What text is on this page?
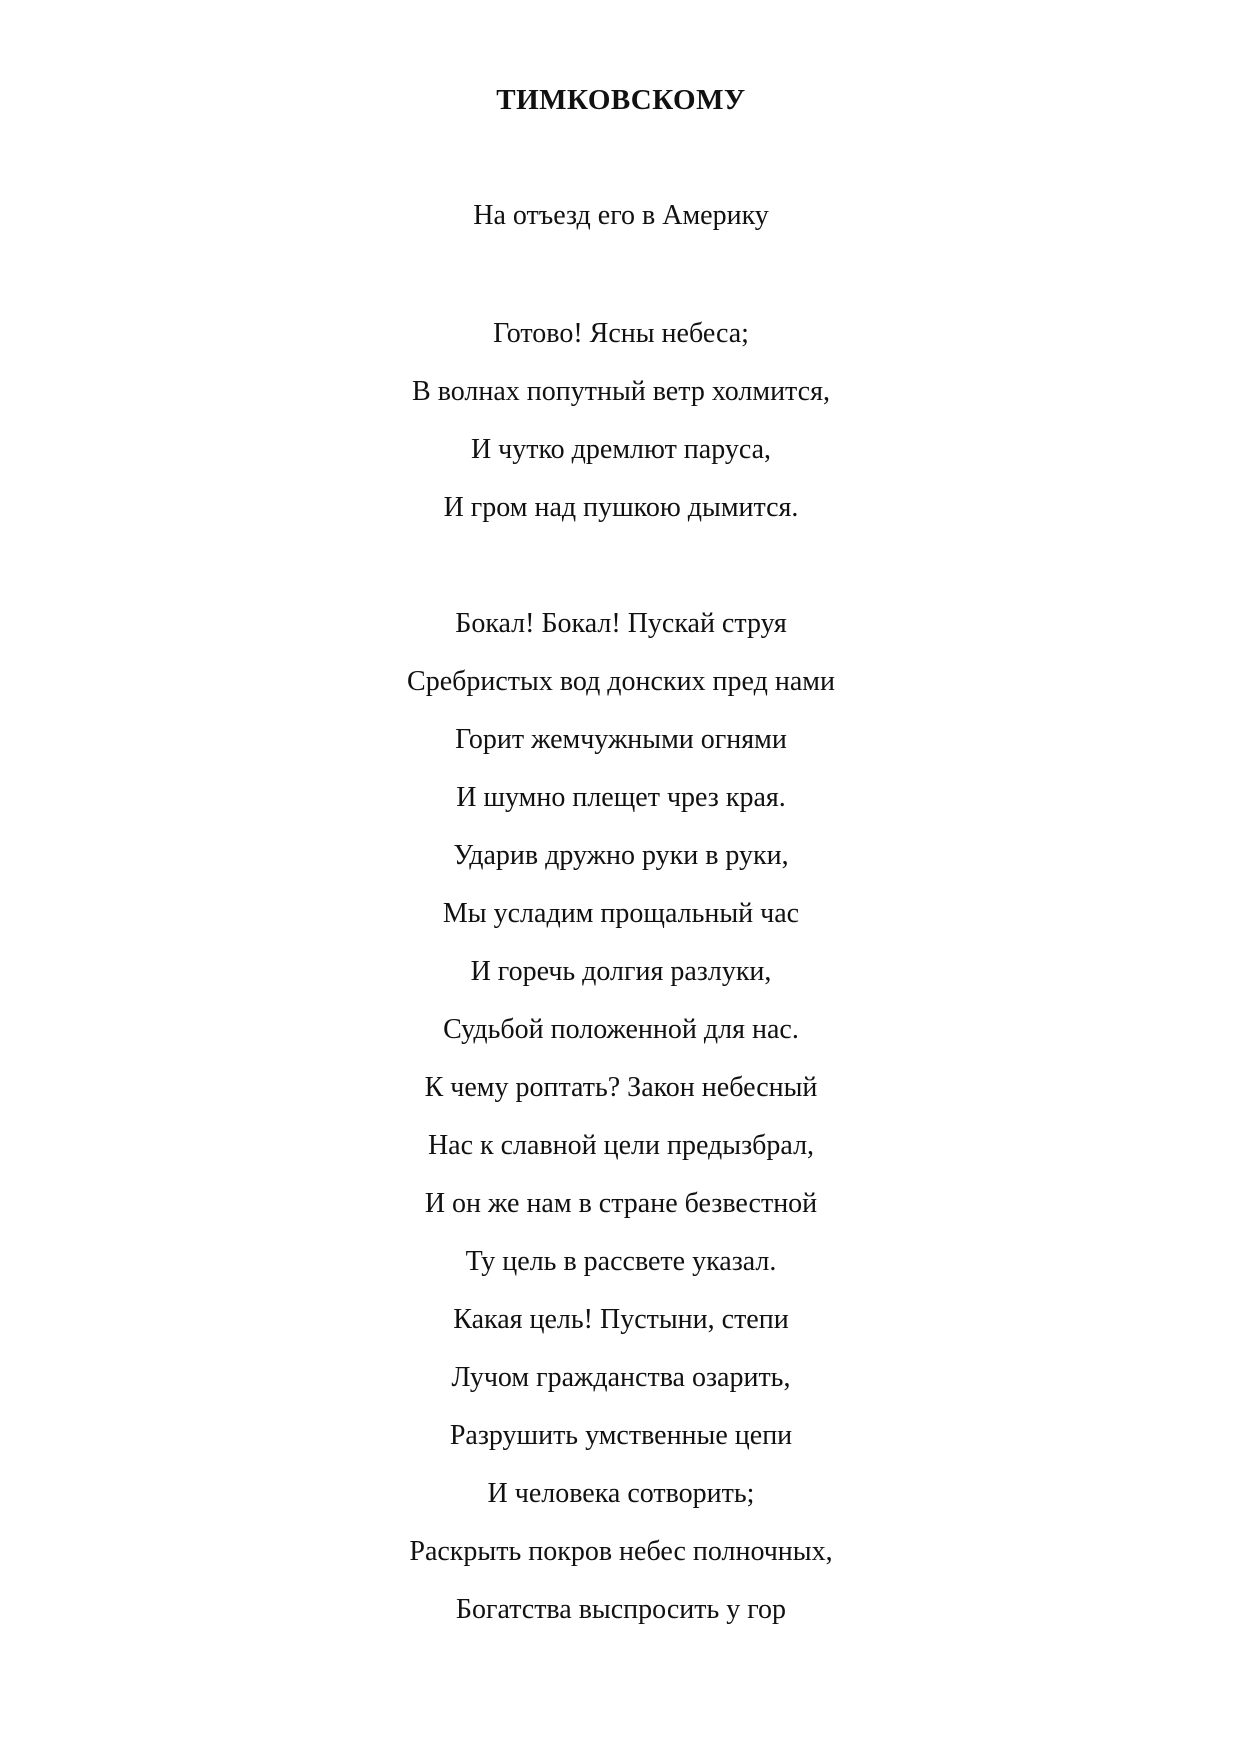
ТИМКОВСКОМУ
На отъезд его в Америку
Готово! Ясны небеса;
В волнах попутный ветр холмится,
И чутко дремлют паруса,
И гром над пушкою дымится.
Бокал! Бокал! Пускай струя
Сребристых вод донских пред нами
Горит жемчужными огнями
И шумно плещет чрез края.
Ударив дружно руки в руки,
Мы усладим прощальный час
И горечь долгия разлуки,
Судьбой положенной для нас.
К чему роптать? Закон небесный
Нас к славной цели предызбрал,
И он же нам в стране безвестной
Ту цель в рассвете указал.
Какая цель! Пустыни, степи
Лучом гражданства озарить,
Разрушить умственные цепи
И человека сотворить;
Раскрыть покров небес полночных,
Богатства выспросить у гор
